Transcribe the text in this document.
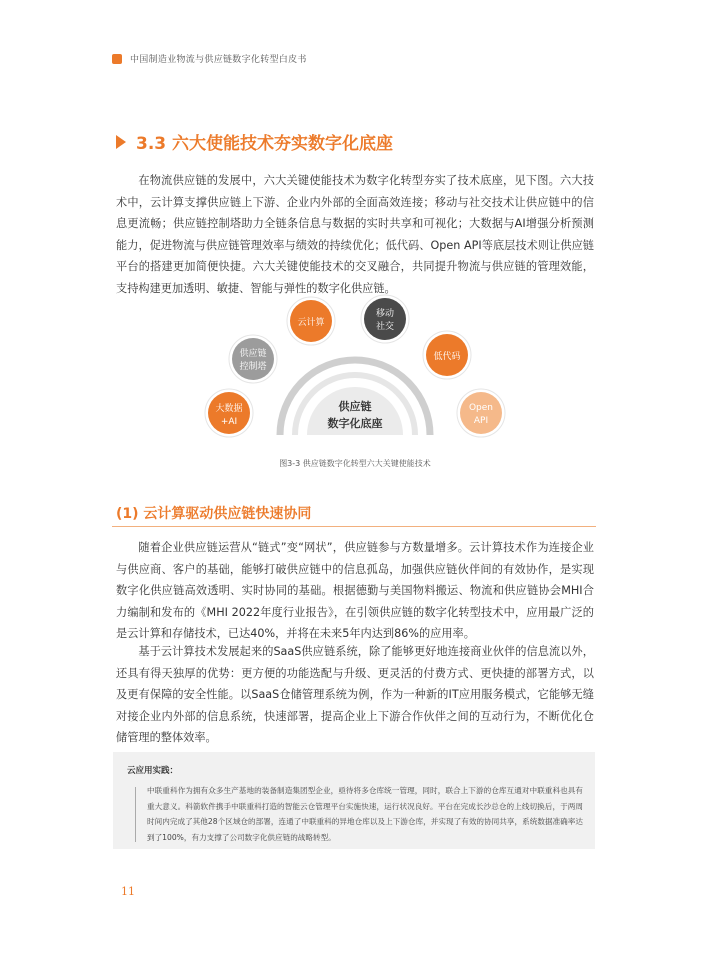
中国制造业物流与供应链数字化转型白皮书
3.3 六大使能技术夯实数字化底座
在物流供应链的发展中，六大关键使能技术为数字化转型夯实了技术底座，见下图。六大技术中，云计算支撑供应链上下游、企业内外部的全面高效连接；移动与社交技术让供应链中的信息更流畅；供应链控制塔助力全链条信息与数据的实时共享和可视化；大数据与AI增强分析预测能力，促进物流与供应链管理效率与绩效的持续优化；低代码、Open API等底层技术则让供应链平台的搭建更加简便快捷。六大关键使能技术的交叉融合，共同提升物流与供应链的管理效能，支持构建更加透明、敏捷、智能与弹性的数字化供应链。
供应链
数字化底座
大数据
+AI
供应链
控制塔
云计算
移动
社交
低代码
Open
API
图3-3 供应链数字化转型六大关键使能技术
(1) 云计算驱动供应链快速协同
随着企业供应链运营从“链式”变“网状”，供应链参与方数量增多。云计算技术作为连接企业与供应商、客户的基础，能够打破供应链中的信息孤岛，加强供应链伙伴间的有效协作，是实现数字化供应链高效透明、实时协同的基础。根据德勤与美国物料搬运、物流和供应链协会MHI合力编制和发布的《MHI 2022年度行业报告》，在引领供应链的数字化转型技术中，应用最广泛的是云计算和存储技术，已达40%，并将在未来5年内达到86%的应用率。
基于云计算技术发展起来的SaaS供应链系统，除了能够更好地连接商业伙伴的信息流以外，还具有得天独厚的优势：更方便的功能选配与升级、更灵活的付费方式、更快捷的部署方式，以及更有保障的安全性能。以SaaS仓储管理系统为例，作为一种新的IT应用服务模式，它能够无缝对接企业内外部的信息系统，快速部署，提高企业上下游合作伙伴之间的互动行为，不断优化仓储管理的整体效率。
云应用实践：
中联重科作为拥有众多生产基地的装备制造集团型企业，亟待将多仓库统一管理，同时，联合上下游的仓库互通对中联重科也具有重大意义。科箭软件携手中联重科打造的智能云仓管理平台实施快速，运行状况良好。平台在完成长沙总仓的上线切换后，于两周时间内完成了其他28个区域仓的部署，连通了中联重科的异地仓库以及上下游仓库，并实现了有效的协同共享，系统数据准确率达到了100%，有力支撑了公司数字化供应链的战略转型。
11
